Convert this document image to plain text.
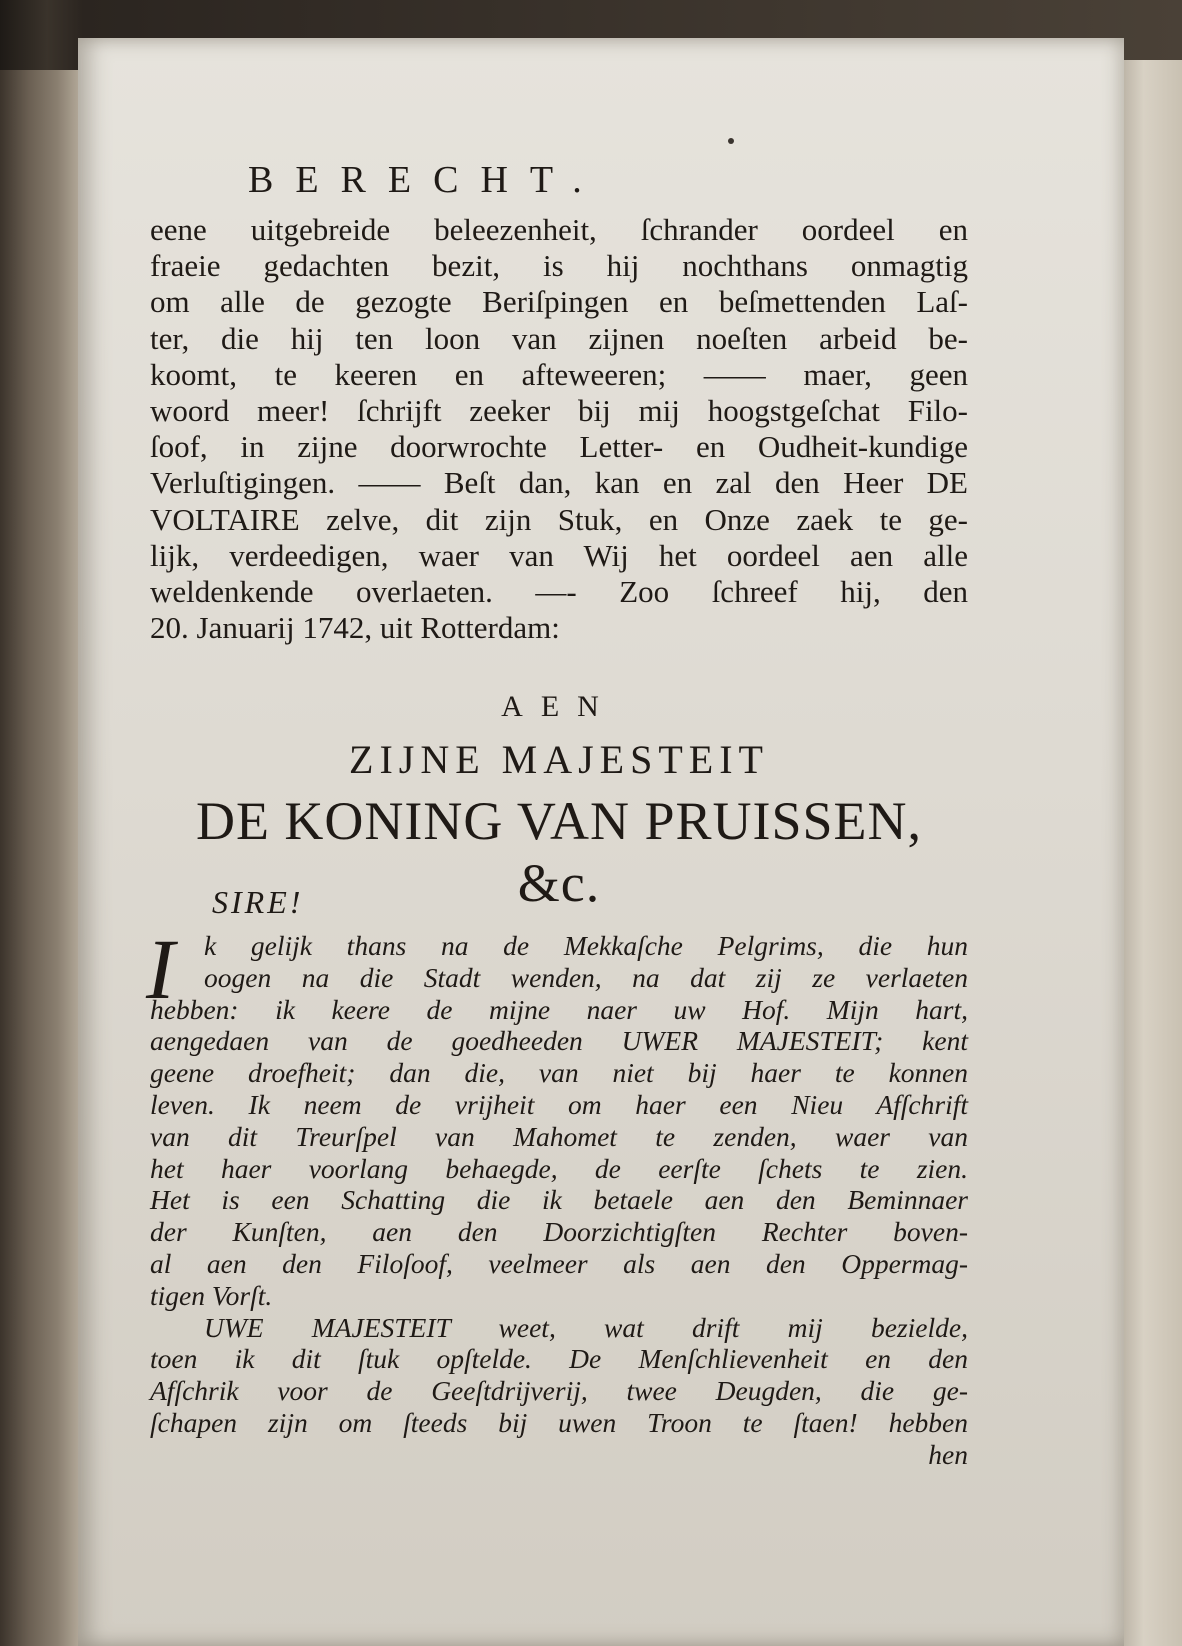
BERECHT.
eene uitgebreide beleezenheit, ſchrander oordeel en
fraeie gedachten bezit, is hij nochthans onmagtig
om alle de gezogte Beriſpingen en beſmettenden Laſ-
ter, die hij ten loon van zijnen noeſten arbeid be-
koomt, te keeren en afteweeren; —— maer, geen
woord meer! ſchrijft zeeker bij mij hoogstgeſchat Filo-
ſoof, in zijne doorwrochte Letter- en Oudheit-kundige
Verluſtigingen. —— Beſt dan, kan en zal den Heer DE
VOLTAIRE zelve, dit zijn Stuk, en Onze zaek te ge-
lijk, verdeedigen, waer van Wij het oordeel aen alle
weldenkende overlaeten. —- Zoo ſchreef hij, den
20. Januarij 1742, uit Rotterdam:
AEN
ZIJNE MAJESTEIT
DE KONING VAN PRUISSEN, &c.
SIRE!
I	k gelijk thans na de Mekkaſche Pelgrims, die hun
oogen na die Stadt wenden, na dat zij ze verlaeten
hebben: ik keere de mijne naer uw Hof. Mijn hart,
aengedaen van de goedheeden UWER MAJESTEIT; kent
geene droefheit; dan die, van niet bij haer te konnen
leven. Ik neem de vrijheit om haer een Nieu Afſchrift
van dit Treurſpel van Mahomet te zenden, waer van
het haer voorlang behaegde, de eerſte ſchets te zien.
Het is een Schatting die ik betaele aen den Beminnaer
der Kunſten, aen den Doorzichtigſten Rechter boven-
al aen den Filoſoof, veelmeer als aen den Oppermag-
tigen Vorſt.
UWE MAJESTEIT weet, wat drift mij bezielde,
toen ik dit ſtuk opſtelde. De Menſchlievenheit en den
Afſchrik voor de Geeſtdrijverij, twee Deugden, die ge-
ſchapen zijn om ſteeds bij uwen Troon te ſtaen! hebben
hen
